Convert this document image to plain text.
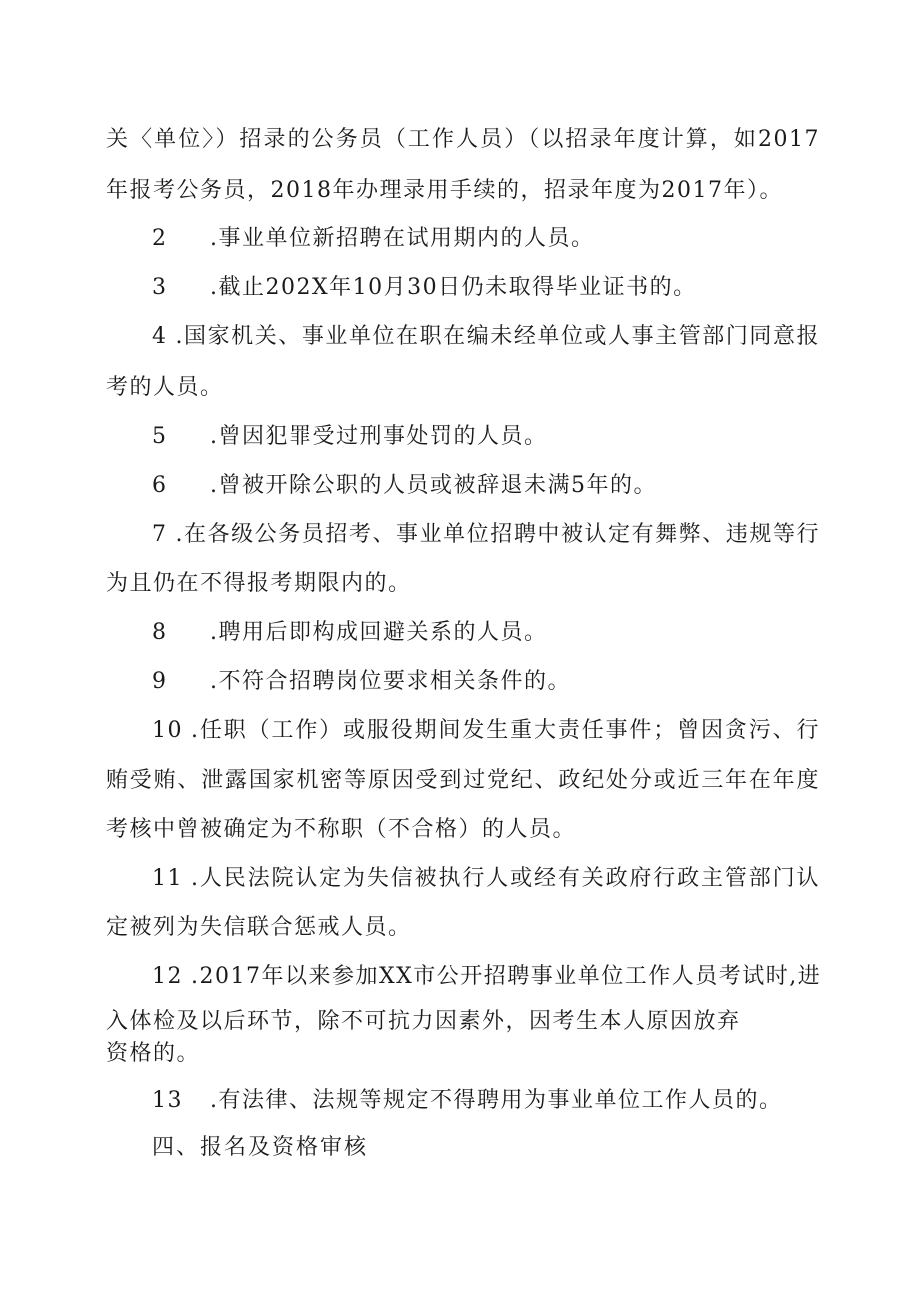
关〈单位〉）招录的公务员（工作人员）（以招录年度计算，如2017
年报考公务员，2018年办理录用手续的，招录年度为2017年）。
2 .事业单位新招聘在试用期内的人员。
3 .截止202X年10月30日仍未取得毕业证书的。
4 .国家机关、事业单位在职在编未经单位或人事主管部门同意报
考的人员。
5 .曾因犯罪受过刑事处罚的人员。
6 .曾被开除公职的人员或被辞退未满5年的。
7 .在各级公务员招考、事业单位招聘中被认定有舞弊、违规等行
为且仍在不得报考期限内的。
8 .聘用后即构成回避关系的人员。
9 .不符合招聘岗位要求相关条件的。
10 .任职（工作）或服役期间发生重大责任事件；曾因贪污、行
贿受贿、泄露国家机密等原因受到过党纪、政纪处分或近三年在年度
考核中曾被确定为不称职（不合格）的人员。
11 .人民法院认定为失信被执行人或经有关政府行政主管部门认
定被列为失信联合惩戒人员。
12 .2017年以来参加XX市公开招聘事业单位工作人员考试时,进
入体检及以后环节，除不可抗力因素外，因考生本人原因放弃
资格的。
13 .有法律、法规等规定不得聘用为事业单位工作人员的。
四、报名及资格审核
